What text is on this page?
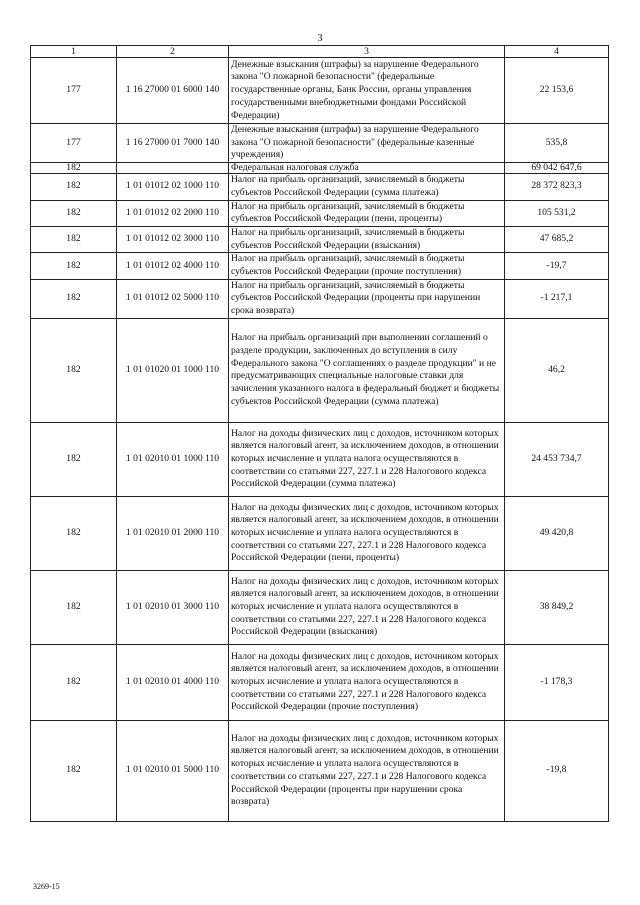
3
1	2	3	4
177	1 16 27000 01 6000 140	Денежные взыскания (штрафы) за нарушение Федерального закона "О пожарной безопасности" (федеральные государственные органы, Банк России, органы управления государственными внебюджетными фондами Российской Федерации)	22 153,6
177	1 16 27000 01 7000 140	Денежные взыскания (штрафы) за нарушение Федерального закона "О пожарной безопасности" (федеральные казенные учреждения)	535,8
182		Федеральная налоговая служба	69 042 647,6
182	1 01 01012 02 1000 110	Налог на прибыль организаций, зачисляемый в бюджеты субъектов Российской Федерации (сумма платежа)	28 372 823,3
182	1 01 01012 02 2000 110	Налог на прибыль организаций, зачисляемый в бюджеты субъектов Российской Федерации (пени, проценты)	105 531,2
182	1 01 01012 02 3000 110	Налог на прибыль организаций, зачисляемый в бюджеты субъектов Российской Федерации (взыскания)	47 685,2
182	1 01 01012 02 4000 110	Налог на прибыль организаций, зачисляемый в бюджеты субъектов Российской Федерации (прочие поступления)	-19,7
182	1 01 01012 02 5000 110	Налог на прибыль организаций, зачисляемый в бюджеты субъектов Российской Федерации (проценты при нарушении срока возврата)	-1 217,1
182	1 01 01020 01 1000 110	Налог на прибыль организаций при выполнении соглашений о разделе продукции, заключенных до вступления в силу Федерального закона "О соглашениях о разделе продукции" и не предусматривающих специальные налоговые ставки для зачисления указанного налога в федеральный бюджет и бюджеты субъектов Российской Федерации (сумма платежа)	46,2
182	1 01 02010 01 1000 110	Налог на доходы физических лиц с доходов, источником которых является налоговый агент, за исключением доходов, в отношении которых исчисление и уплата налога осуществляются в соответствии со статьями 227, 227.1 и 228 Налогового кодекса Российской Федерации (сумма платежа)	24 453 734,7
182	1 01 02010 01 2000 110	Налог на доходы физических лиц с доходов, источником которых является налоговый агент, за исключением доходов, в отношении которых исчисление и уплата налога осуществляются в соответствии со статьями 227, 227.1 и 228 Налогового кодекса Российской Федерации (пени, проценты)	49 420,8
182	1 01 02010 01 3000 110	Налог на доходы физических лиц с доходов, источником которых является налоговый агент, за исключением доходов, в отношении которых исчисление и уплата налога осуществляются в соответствии со статьями 227, 227.1 и 228 Налогового кодекса Российской Федерации (взыскания)	38 849,2
182	1 01 02010 01 4000 110	Налог на доходы физических лиц с доходов, источником которых является налоговый агент, за исключением доходов, в отношении которых исчисление и уплата налога осуществляются в соответствии со статьями 227, 227.1 и 228 Налогового кодекса Российской Федерации (прочие поступления)	-1 178,3
182	1 01 02010 01 5000 110	Налог на доходы физических лиц с доходов, источником которых является налоговый агент, за исключением доходов, в отношении которых исчисление и уплата налога осуществляются в соответствии со статьями 227, 227.1 и 228 Налогового кодекса Российской Федерации (проценты при нарушении срока возврата)	-19,8
3269-15
